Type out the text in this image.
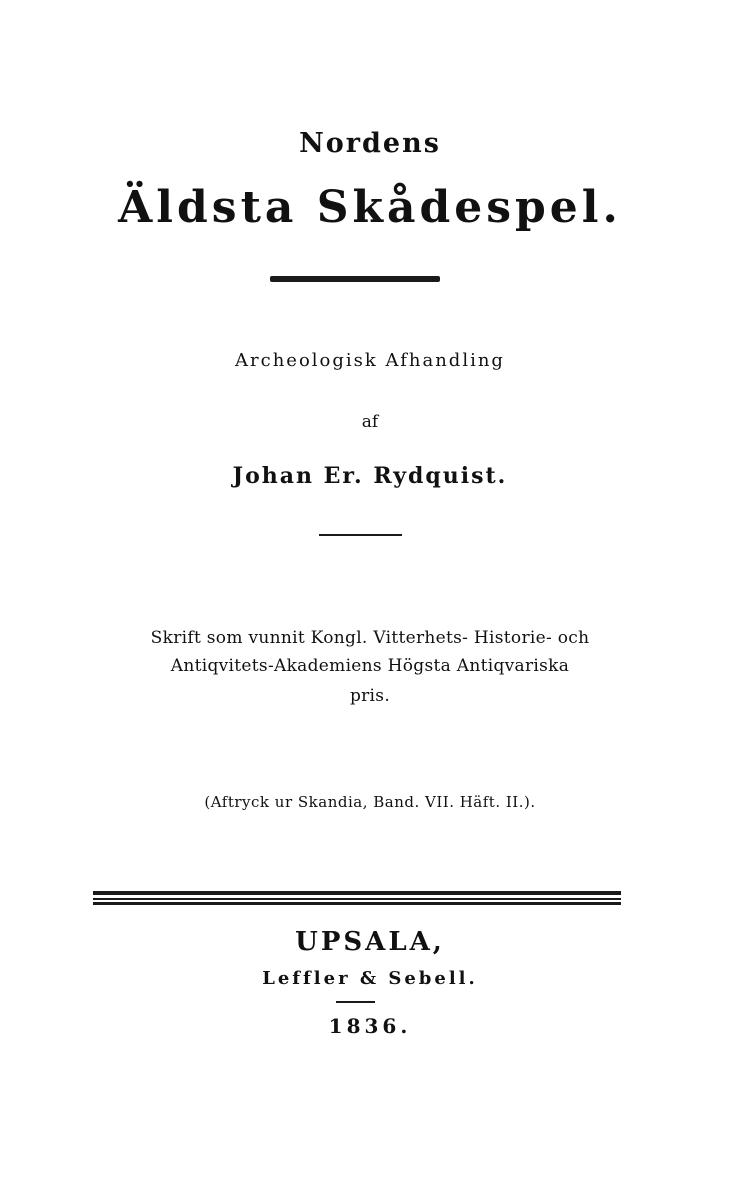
Nordens
Äldsta Skådespel.
Archeologisk Afhandling
af
Johan Er. Rydquist.
Skrift som vunnit Kongl. Vitterhets- Historie- och
Antiqvitets-Akademiens Högsta Antiqvariska
pris.
(Aftryck ur Skandia, Band. VII. Häft. II.).
UPSALA,
Leffler & Sebell.
1836.
